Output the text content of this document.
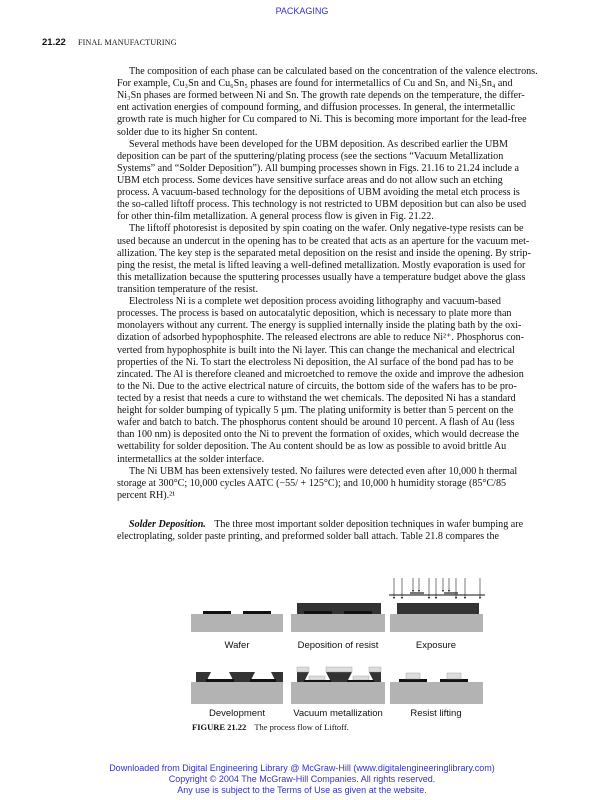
PACKAGING
21.22 FINAL MANUFACTURING
The composition of each phase can be calculated based on the concentration of the valence electrons.
For example, Cu₃Sn and Cu₆Sn₅ phases are found for intermetallics of Cu and Sn, and Ni₃Sn₄ and
Ni₃Sn phases are formed between Ni and Sn. The growth rate depends on the temperature, the differ-
ent activation energies of compound forming, and diffusion processes. In general, the intermetallic
growth rate is much higher for Cu compared to Ni. This is becoming more important for the lead-free
solder due to its higher Sn content.
Several methods have been developed for the UBM deposition. As described earlier the UBM
deposition can be part of the sputtering/plating process (see the sections “Vacuum Metallization
Systems” and “Solder Deposition”). All bumping processes shown in Figs. 21.16 to 21.24 include a
UBM etch process. Some devices have sensitive surface areas and do not allow such an etching
process. A vacuum-based technology for the depositions of UBM avoiding the metal etch process is
the so-called liftoff process. This technology is not restricted to UBM deposition but can also be used
for other thin-film metallization. A general process flow is given in Fig. 21.22.
The liftoff photoresist is deposited by spin coating on the wafer. Only negative-type resists can be
used because an undercut in the opening has to be created that acts as an aperture for the vacuum met-
allization. The key step is the separated metal deposition on the resist and inside the opening. By strip-
ping the resist, the metal is lifted leaving a well-defined metallization. Mostly evaporation is used for
this metallization because the sputtering processes usually have a temperature budget above the glass
transition temperature of the resist.
Electroless Ni is a complete wet deposition process avoiding lithography and vacuum-based
processes. The process is based on autocatalytic deposition, which is necessary to plate more than
monolayers without any current. The energy is supplied internally inside the plating bath by the oxi-
dization of adsorbed hypophosphite. The released electrons are able to reduce Ni²⁺. Phosphorus con-
verted from hypophosphite is built into the Ni layer. This can change the mechanical and electrical
properties of the Ni. To start the electroless Ni deposition, the Al surface of the bond pad has to be
zincated. The Al is therefore cleaned and microetched to remove the oxide and improve the adhesion
to the Ni. Due to the active electrical nature of circuits, the bottom side of the wafers has to be pro-
tected by a resist that needs a cure to withstand the wet chemicals. The deposited Ni has a standard
height for solder bumping of typically 5 µm. The plating uniformity is better than 5 percent on the
wafer and batch to batch. The phosphorus content should be around 10 percent. A flash of Au (less
than 100 nm) is deposited onto the Ni to prevent the formation of oxides, which would decrease the
wettability for solder deposition. The Au content should be as low as possible to avoid brittle Au
intermetallics at the solder interface.
The Ni UBM has been extensively tested. No failures were detected even after 10,000 h thermal
storage at 300°C; 10,000 cycles AATC (−55/ + 125°C); and 10,000 h humidity storage (85°C/85
percent RH).²¹
Solder Deposition. The three most important solder deposition techniques in wafer bumping are
electroplating, solder paste printing, and preformed solder ball attach. Table 21.8 compares the
Wafer	Deposition of resist	Exposure
Development	Vacuum metallization	Resist lifting
FIGURE 21.22 The process flow of Liftoff.
Downloaded from Digital Engineering Library @ McGraw-Hill (www.digitalengineeringlibrary.com)
Copyright © 2004 The McGraw-Hill Companies. All rights reserved.
Any use is subject to the Terms of Use as given at the website.
